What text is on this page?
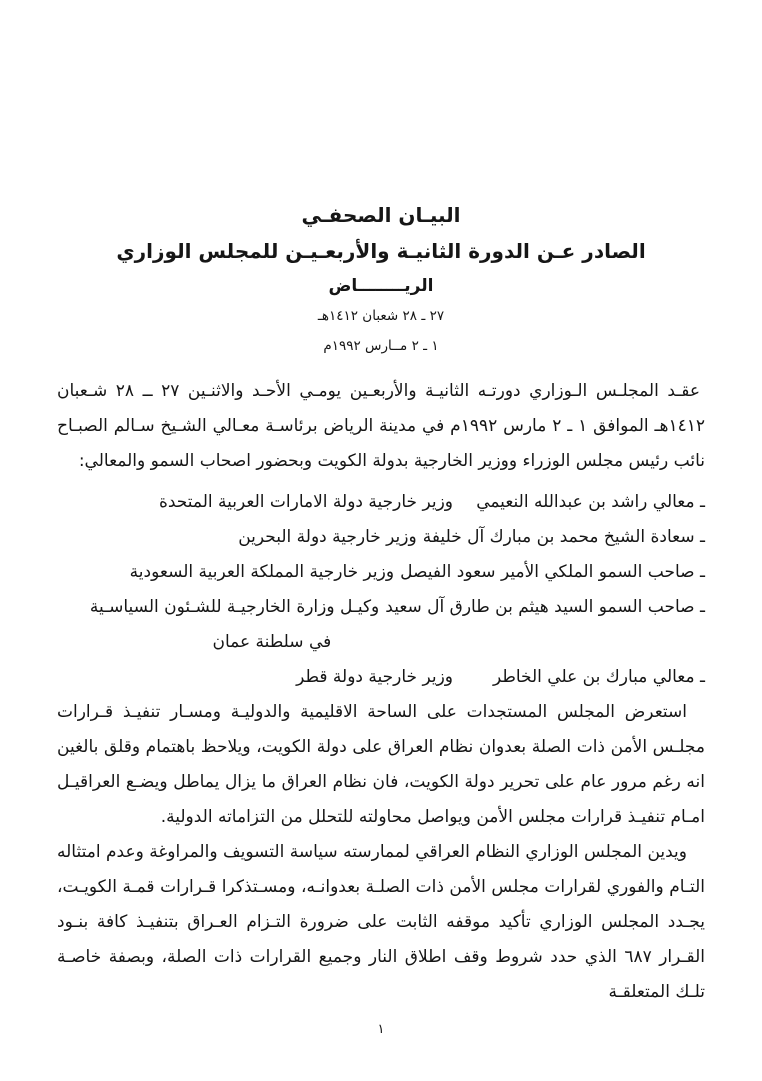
البيـان الصحفـي
الصادر عـن الدورة الثانيـة والأربعـيـن للمجلس الوزاري
الريــــــــاض
٢٧ ـ ٢٨ شعبان ١٤١٢هـ
١ ـ ٢ مــارس ١٩٩٢م

عقـد المجلـس الـوزاري دورتـه الثانيـة والأربعـين يومـي الأحـد والاثنـين ٢٧ ــ ٢٨ شـعبان ١٤١٢هـ الموافق ١ ـ ٢ مارس ١٩٩٢م في مدينة الرياض برئاسـة معـالي الشـيخ سـالم الصبـاح نائب رئيس مجلس الوزراء ووزير الخارجية بدولة الكويت وبحضور اصحاب السمو والمعالي:

ـ معالي راشد بن عبدالله النعيمي
وزير خارجية دولة الامارات العربية المتحدة
ـ سعادة الشيخ محمد بن مبارك آل خليفة
وزير خارجية دولة البحرين
ـ صاحب السمو الملكي الأمير سعود الفيصل
وزير خارجية المملكة العربية السعودية
ـ صاحب السمو السيد هيثم بن طارق آل سعيد
وكيـل وزارة الخارجيـة للشـئون السياسـية
في سلطنة عمان
ـ معالي مبارك بن علي الخاطر
وزير خارجية دولة قطر

استعرض المجلس المستجدات على الساحة الاقليمية والدوليـة ومسـار تنفيـذ قـرارات مجلـس الأمن ذات الصلة بعدوان نظام العراق على دولة الكويت، ويلاحظ باهتمام وقلق بالغين انه رغم مرور عام على تحرير دولة الكويت، فان نظام العراق ما يزال يماطل ويضـع العراقيـل امـام تنفيـذ قرارات مجلس الأمن ويواصل محاولته للتحلل من التزاماته الدولية.

ويدين المجلس الوزاري النظام العراقي لممارسته سياسة التسويف والمراوغة وعدم امتثاله التـام والفوري لقرارات مجلس الأمن ذات الصلـة بعدوانـه، ومسـتذكرا قـرارات قمـة الكويـت، يجـدد المجلس الوزاري تأكيد موقفه الثابت على ضرورة التـزام العـراق بتنفيـذ كافة بنـود القـرار ٦٨٧ الذي حدد شروط وقف اطلاق النار وجميع القرارات ذات الصلة، وبصفة خاصـة تلـك المتعلقـة

١
